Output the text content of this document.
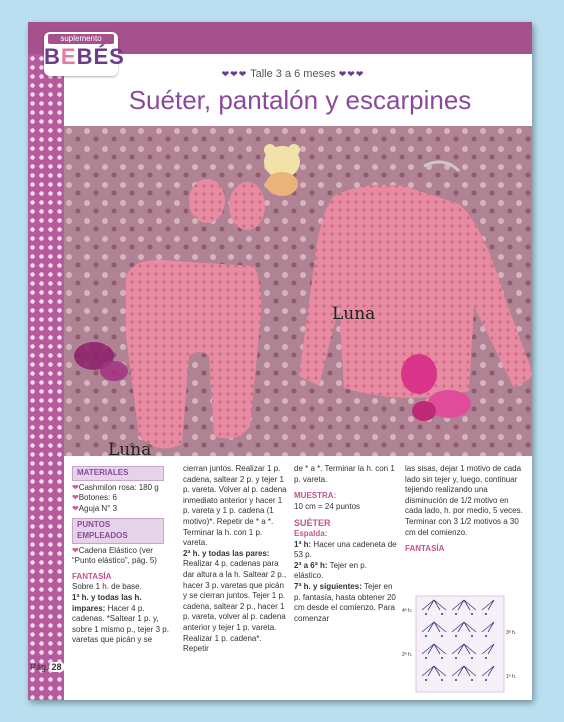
suplemento
BEBÉS
❤❤❤ Talle 3 a 6 meses ❤❤❤
Suéter, pantalón y escarpines
Luna
Luna
MATERIALES
❤Cashmilon rosa: 180 g
❤Botones: 6
❤Aguja N° 3
PUNTOS EMPLEADOS
❤Cadena Elástico (ver “Punto elástico”, pág. 5)
FANTASÍA
Sobre 1 h. de base.
1ª h. y todas las h. impares: Hacer 4 p. cadenas. *Saltear 1 p. y, sobre 1 mismo p., tejer 3 p. varetas que picán y se
cierran juntos. Realizar 1 p. cadena, saltear 2 p. y tejer 1 p. vareta. Volver al p. cadena inmediato anterior y hacer 1 p. vareta y 1 p. cadena (1 motivo)*. Repetir de * a *. Terminar la h. con 1 p. vareta.
2ª h. y todas las pares: Realizar 4 p. cadenas para dar altura a la h. Saltear 2 p., hacer 3 p. varetas que picán y se cierran juntos. Tejer 1 p. cadena, saltear 2 p., hacer 1 p. vareta, volver al p. cadena anterior y tejer 1 p. vareta. Realizar 1 p. cadena*. Repetir
de * a *. Terminar la h. con 1 p. vareta.
MUESTRA:
10 cm = 24 puntos
SUÉTER
Espalda:
1ª h: Hacer una cadeneta de 53 p.
2ª a 6ª h: Tejer en p. elástico.
7ª h. y siguientes: Tejer en p. fantasía, hasta obtener 20 cm desde el comienzo. Para comenzar
las sisas, dejar 1 motivo de cada lado sin tejer y, luego, continuar tejiendo realizando una disminución de 1/2 motivo en cada lado, h. por medio, 5 veces. Terminar con 3 1/2 motivos a 30 cm del comienzo.
FANTASÍA
4ª h.
3ª h.
2ª h.
1ª h.
Pág. 28
